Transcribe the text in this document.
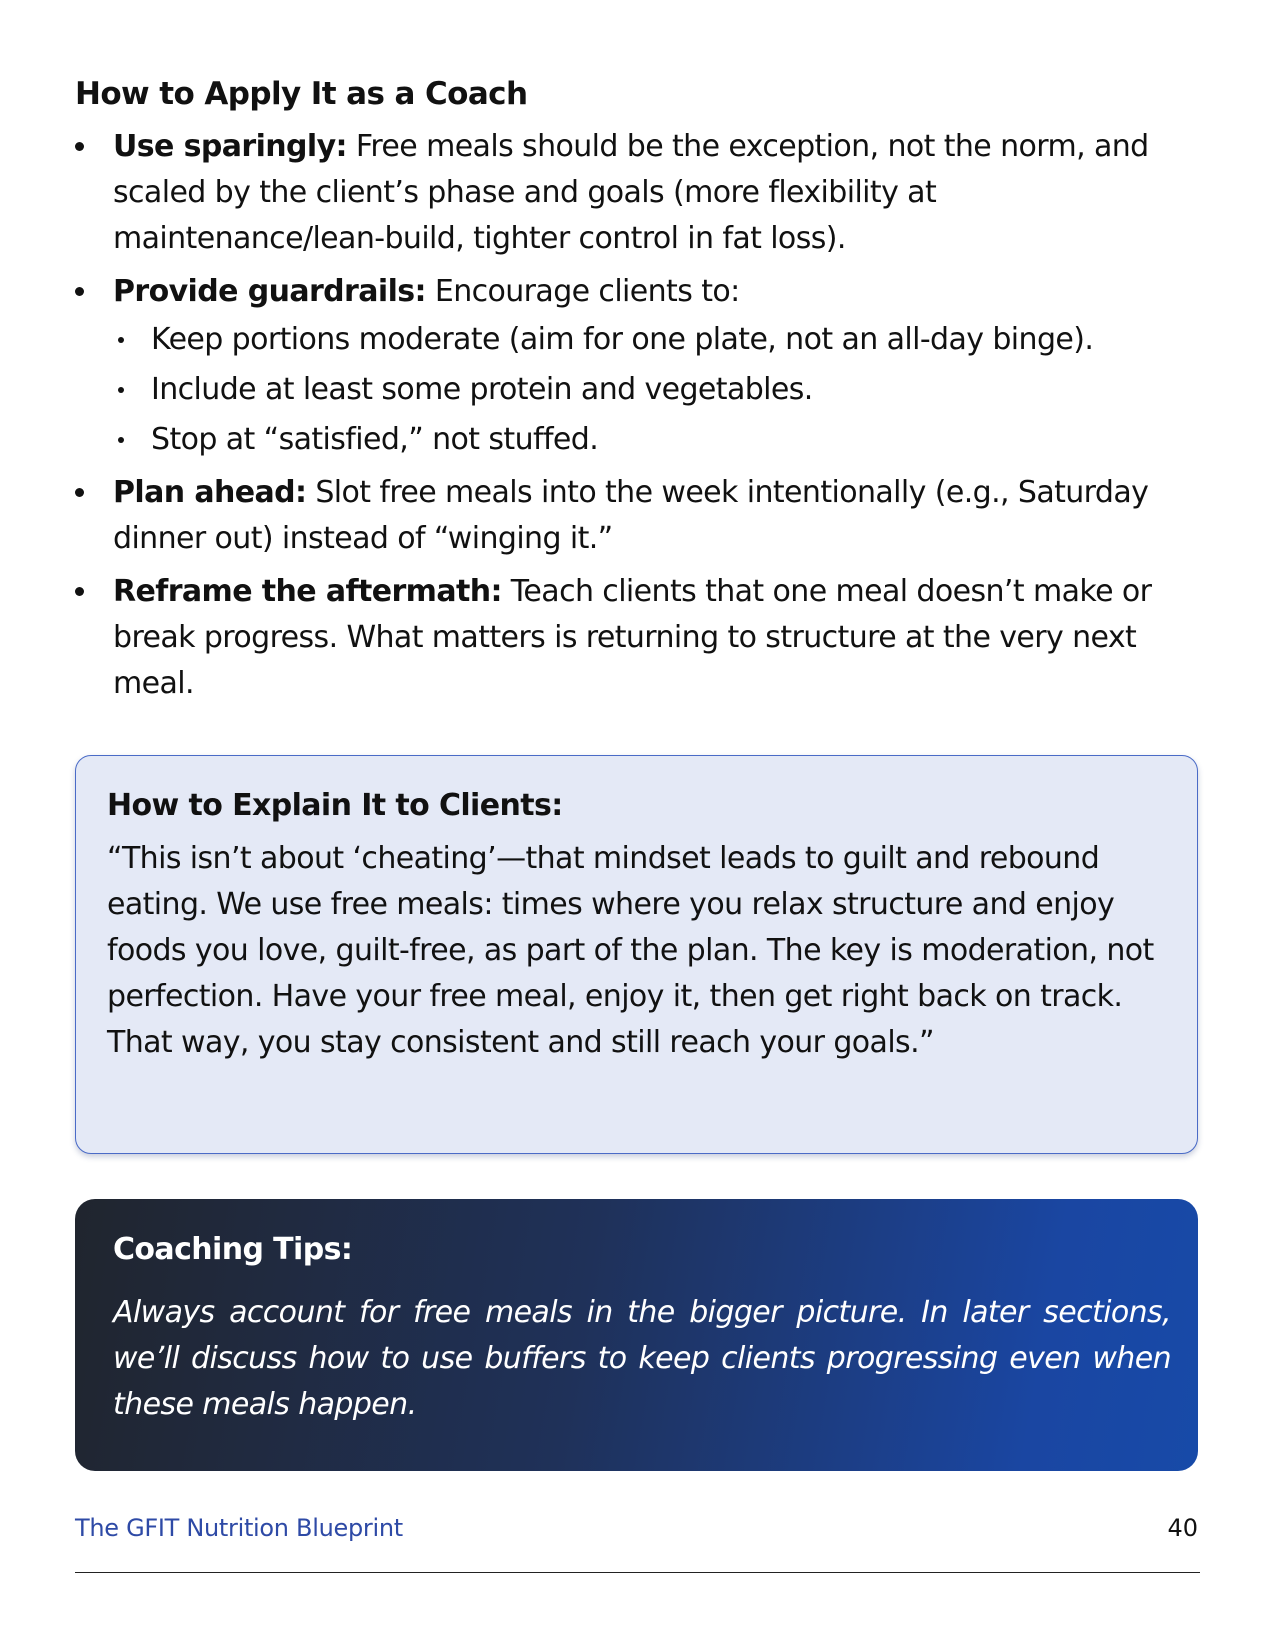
How to Apply It as a Coach
Use sparingly: Free meals should be the exception, not the norm, and scaled by the client’s phase and goals (more flexibility at maintenance/lean-build, tighter control in fat loss).
Provide guardrails: Encourage clients to:
Keep portions moderate (aim for one plate, not an all-day binge).
Include at least some protein and vegetables.
Stop at “satisfied,” not stuffed.
Plan ahead: Slot free meals into the week intentionally (e.g., Saturday dinner out) instead of “winging it.”
Reframe the aftermath: Teach clients that one meal doesn’t make or break progress. What matters is returning to structure at the very next meal.
How to Explain It to Clients:

“This isn’t about ‘cheating’—that mindset leads to guilt and rebound eating. We use free meals: times where you relax structure and enjoy foods you love, guilt-free, as part of the plan. The key is moderation, not perfection. Have your free meal, enjoy it, then get right back on track. That way, you stay consistent and still reach your goals.”

Coaching Tips:

Always account for free meals in the bigger picture. In later sections, we’ll discuss how to use buffers to keep clients progressing even when these meals happen.

The GFIT Nutrition Blueprint	40
